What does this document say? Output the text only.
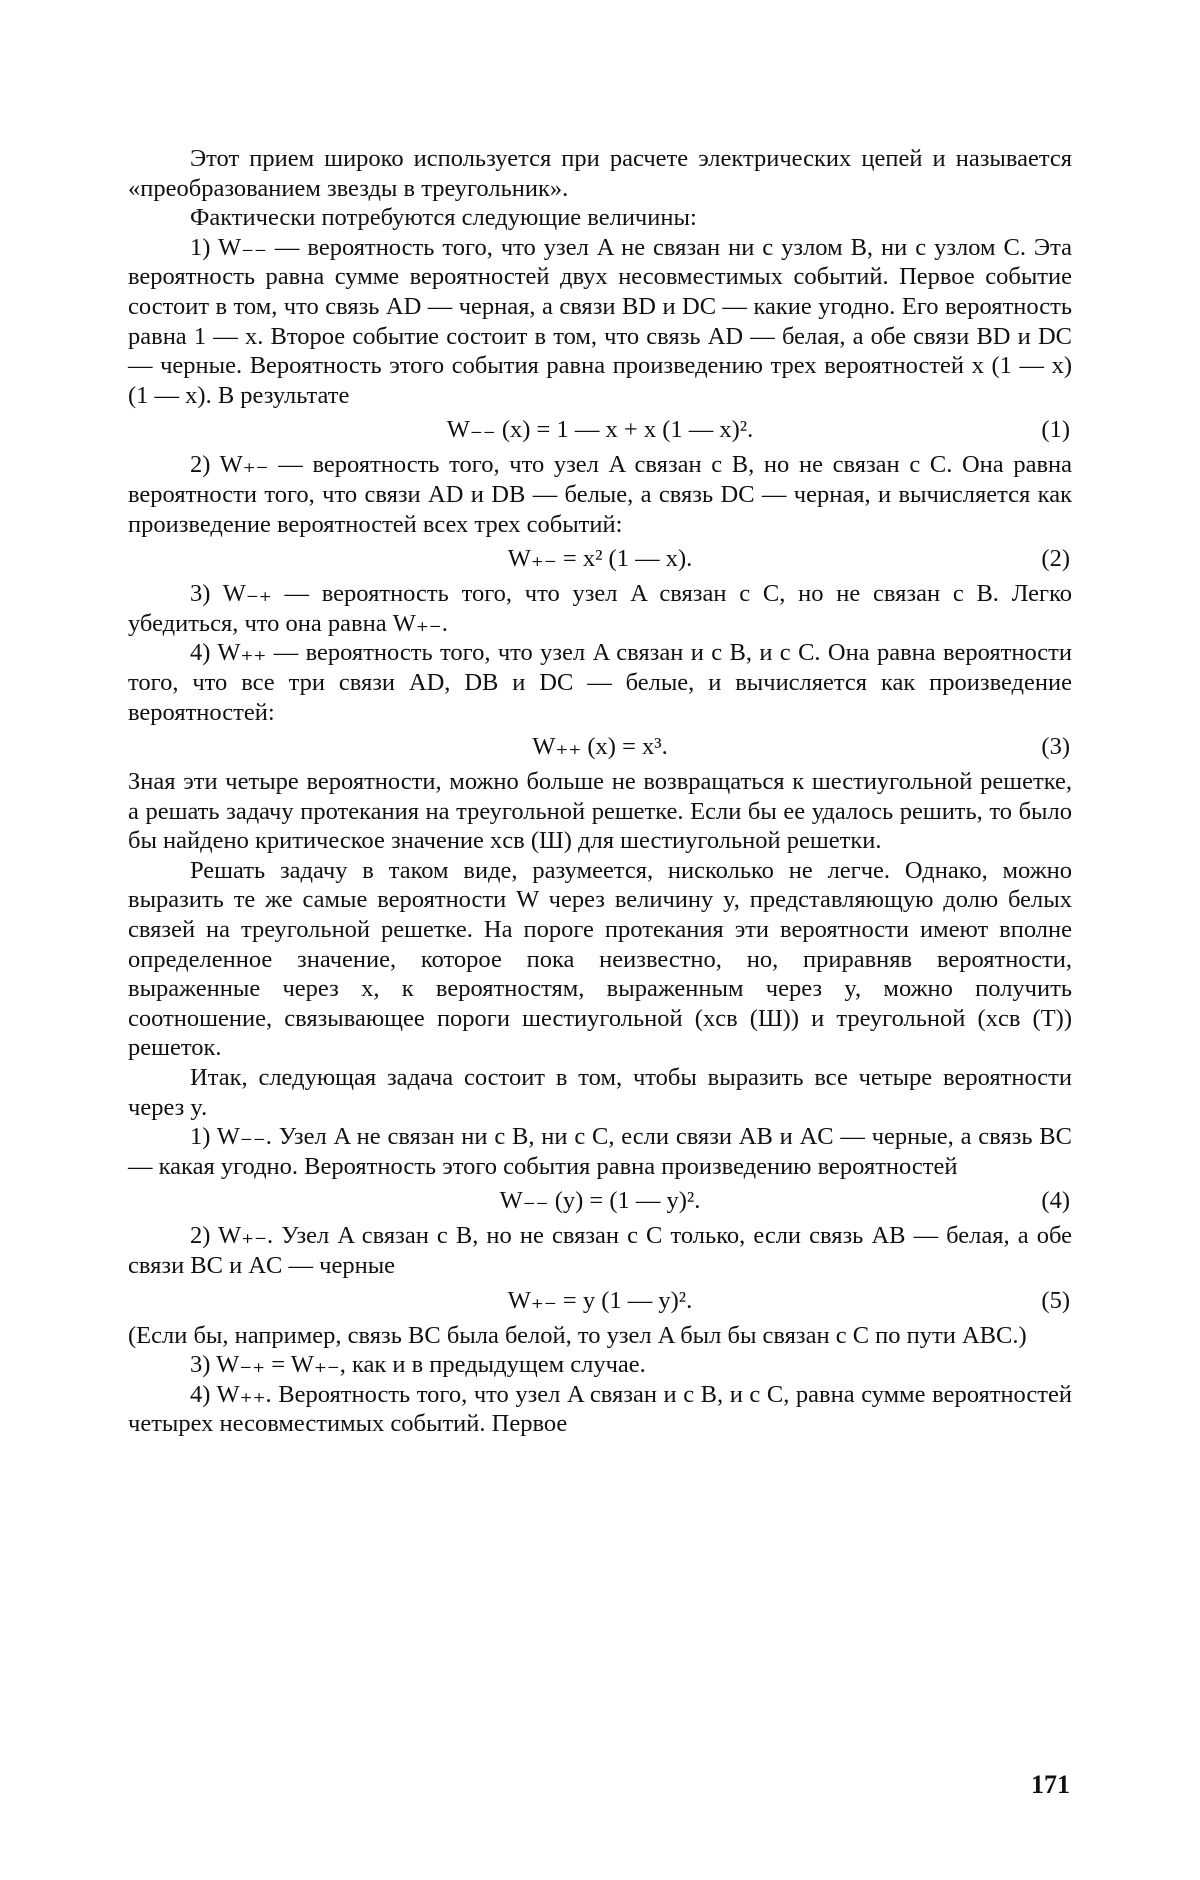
Этот прием широко используется при расчете электрических цепей и называется «преобразованием звезды в треугольник».

Фактически потребуются следующие величины:

1) W₋₋ — вероятность того, что узел A не связан ни с узлом B, ни с узлом C. Эта вероятность равна сумме вероятностей двух несовместимых событий. Первое событие состоит в том, что связь AD — черная, а связи BD и DC — какие угодно. Его вероятность равна 1 — x. Второе событие состоит в том, что связь AD — белая, а обе связи BD и DC — черные. Вероятность этого события равна произведению трех вероятностей x (1 — x)(1 — x). В результате

W₋₋ (x) = 1 — x + x (1 — x)².	(1)

2) W₊₋ — вероятность того, что узел A связан с B, но не связан с C. Она равна вероятности того, что связи AD и DB — белые, а связь DC — черная, и вычисляется как произведение вероятностей всех трех событий:

W₊₋ = x² (1 — x).	(2)

3) W₋₊ — вероятность того, что узел A связан с C, но не связан с B. Легко убедиться, что она равна W₊₋.

4) W₊₊ — вероятность того, что узел A связан и с B, и с C. Она равна вероятности того, что все три связи AD, DB и DC — белые, и вычисляется как произведение вероятностей:

W₊₊ (x) = x³.	(3)

Зная эти четыре вероятности, можно больше не возвращаться к шестиугольной решетке, а решать задачу протекания на треугольной решетке. Если бы ее удалось решить, то было бы найдено критическое значение xсв (Ш) для шестиугольной решетки.

Решать задачу в таком виде, разумеется, нисколько не легче. Однако, можно выразить те же самые вероятности W через величину y, представляющую долю белых связей на треугольной решетке. На пороге протекания эти вероятности имеют вполне определенное значение, которое пока неизвестно, но, приравняв вероятности, выраженные через x, к вероятностям, выраженным через y, можно получить соотношение, связывающее пороги шестиугольной (xсв (Ш)) и треугольной (xсв (Т)) решеток.

Итак, следующая задача состоит в том, чтобы выразить все четыре вероятности через y.

1) W₋₋. Узел A не связан ни с B, ни с C, если связи AB и AC — черные, а связь BC — какая угодно. Вероятность этого события равна произведению вероятностей

W₋₋ (y) = (1 — y)².	(4)

2) W₊₋. Узел A связан с B, но не связан с C только, если связь AB — белая, а обе связи BC и AC — черные

W₊₋ = y (1 — y)².	(5)

(Если бы, например, связь BC была белой, то узел A был бы связан с C по пути ABC.)

3) W₋₊ = W₊₋, как и в предыдущем случае.

4) W₊₊. Вероятность того, что узел A связан и с B, и с C, равна сумме вероятностей четырех несовместимых событий. Первое

171
